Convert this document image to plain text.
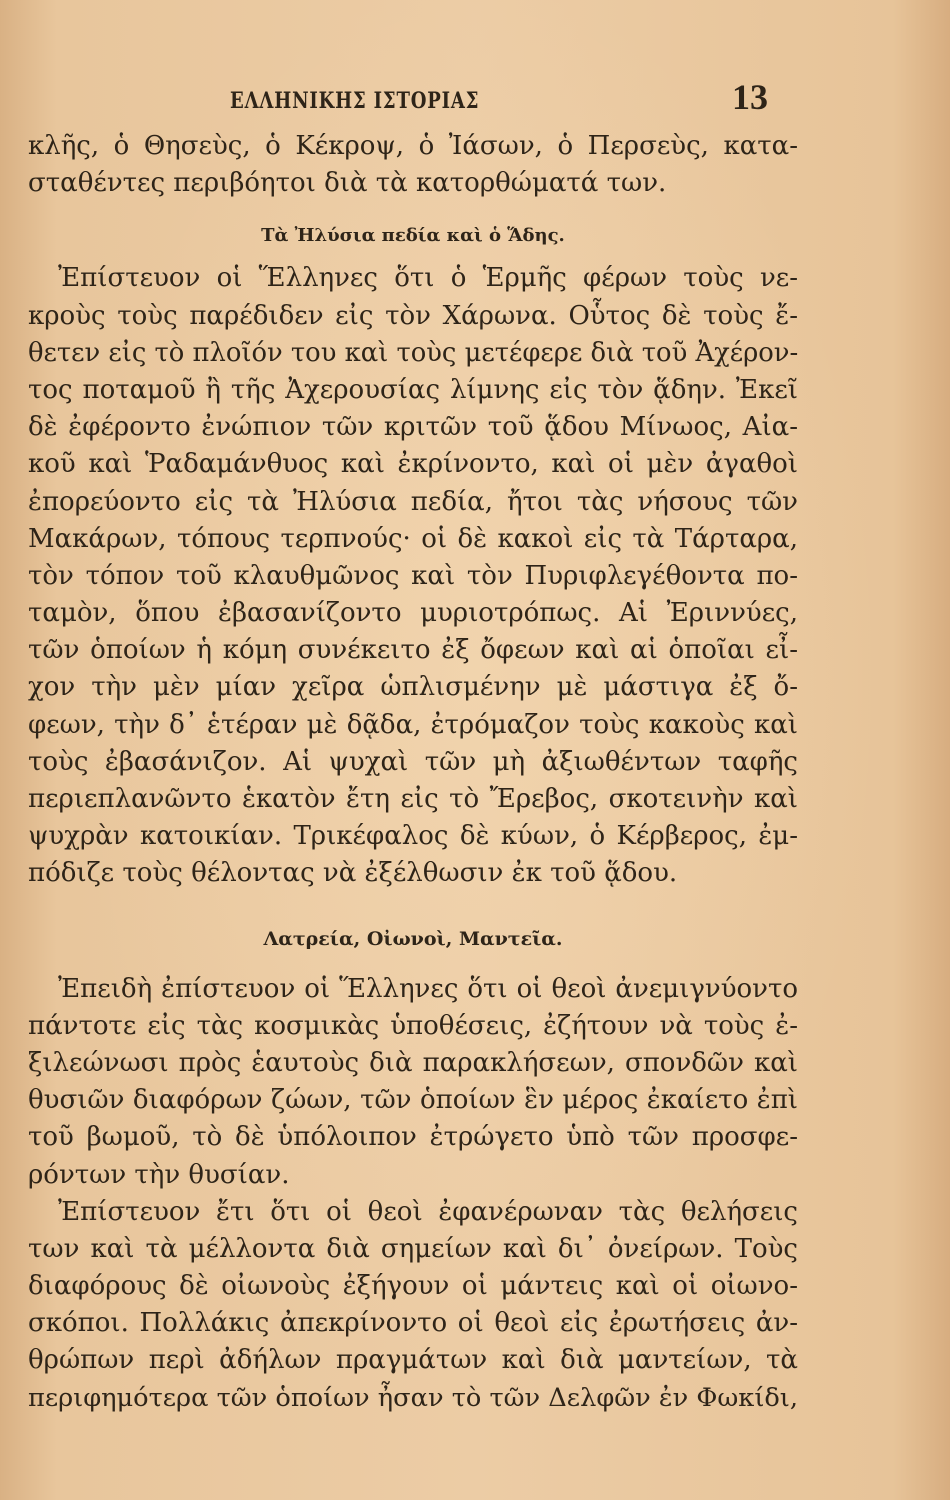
ΕΛΛΗΝΙΚΗΣ ΙΣΤΟΡΙΑΣ	13
κλῆς, ὁ Θησεὺς, ὁ Κέκροψ, ὁ Ἰάσων, ὁ Περσεὺς, κατα-
σταθέντες περιβόητοι διὰ τὰ κατορθώματά των.
Τὰ Ἠλύσια πεδία καὶ ὁ Ἅδης.
Ἐπίστευον οἱ Ἕλληνες ὅτι ὁ Ἑρμῆς φέρων τοὺς νε-
κροὺς τοὺς παρέδιδεν εἰς τὸν Χάρωνα. Οὗτος δὲ τοὺς ἔ-
θετεν εἰς τὸ πλοῖόν του καὶ τοὺς μετέφερε διὰ τοῦ Ἀχέρον-
τος ποταμοῦ ἢ τῆς Ἀχερουσίας λίμνης εἰς τὸν ᾅδην. Ἐκεῖ
δὲ ἐφέροντο ἐνώπιον τῶν κριτῶν τοῦ ᾅδου Μίνωος, Αἰα-
κοῦ καὶ Ῥαδαμάνθυος καὶ ἐκρίνοντο, καὶ οἱ μὲν ἀγαθοὶ
ἐπορεύοντο εἰς τὰ Ἠλύσια πεδία, ἤτοι τὰς νήσους τῶν
Μακάρων, τόπους τερπνούς· οἱ δὲ κακοὶ εἰς τὰ Τάρταρα,
τὸν τόπον τοῦ κλαυθμῶνος καὶ τὸν Πυριφλεγέθοντα πο-
ταμὸν, ὅπου ἐβασανίζοντο μυριοτρόπως. Αἱ Ἐριννύες,
τῶν ὁποίων ἡ κόμη συνέκειτο ἐξ ὄφεων καὶ αἱ ὁποῖαι εἶ-
χον τὴν μὲν μίαν χεῖρα ὡπλισμένην μὲ μάστιγα ἐξ ὄ-
φεων, τὴν δ᾽ ἑτέραν μὲ δᾷδα, ἐτρόμαζον τοὺς κακοὺς καὶ
τοὺς ἐβασάνιζον. Αἱ ψυχαὶ τῶν μὴ ἀξιωθέντων ταφῆς
περιεπλανῶντο ἑκατὸν ἔτη εἰς τὸ Ἔρεβος, σκοτεινὴν καὶ
ψυχρὰν κατοικίαν. Τρικέφαλος δὲ κύων, ὁ Κέρβερος, ἐμ-
πόδιζε τοὺς θέλοντας νὰ ἐξέλθωσιν ἐκ τοῦ ᾅδου.
Λατρεία, Οἰωνοὶ, Μαντεῖα.
Ἐπειδὴ ἐπίστευον οἱ Ἕλληνες ὅτι οἱ θεοὶ ἀνεμιγνύοντο
πάντοτε εἰς τὰς κοσμικὰς ὑποθέσεις, ἐζήτουν νὰ τοὺς ἐ-
ξιλεώνωσι πρὸς ἑαυτοὺς διὰ παρακλήσεων, σπονδῶν καὶ
θυσιῶν διαφόρων ζώων, τῶν ὁποίων ἓν μέρος ἐκαίετο ἐπὶ
τοῦ βωμοῦ, τὸ δὲ ὑπόλοιπον ἐτρώγετο ὑπὸ τῶν προσφε-
ρόντων τὴν θυσίαν.
Ἐπίστευον ἔτι ὅτι οἱ θεοὶ ἐφανέρωναν τὰς θελήσεις
των καὶ τὰ μέλλοντα διὰ σημείων καὶ δι᾽ ὀνείρων. Τοὺς
διαφόρους δὲ οἰωνοὺς ἐξήγουν οἱ μάντεις καὶ οἱ οἰωνο-
σκόποι. Πολλάκις ἀπεκρίνοντο οἱ θεοὶ εἰς ἐρωτήσεις ἀν-
θρώπων περὶ ἀδήλων πραγμάτων καὶ διὰ μαντείων, τὰ
περιφημότερα τῶν ὁποίων ἦσαν τὸ τῶν Δελφῶν ἐν Φωκίδι,
